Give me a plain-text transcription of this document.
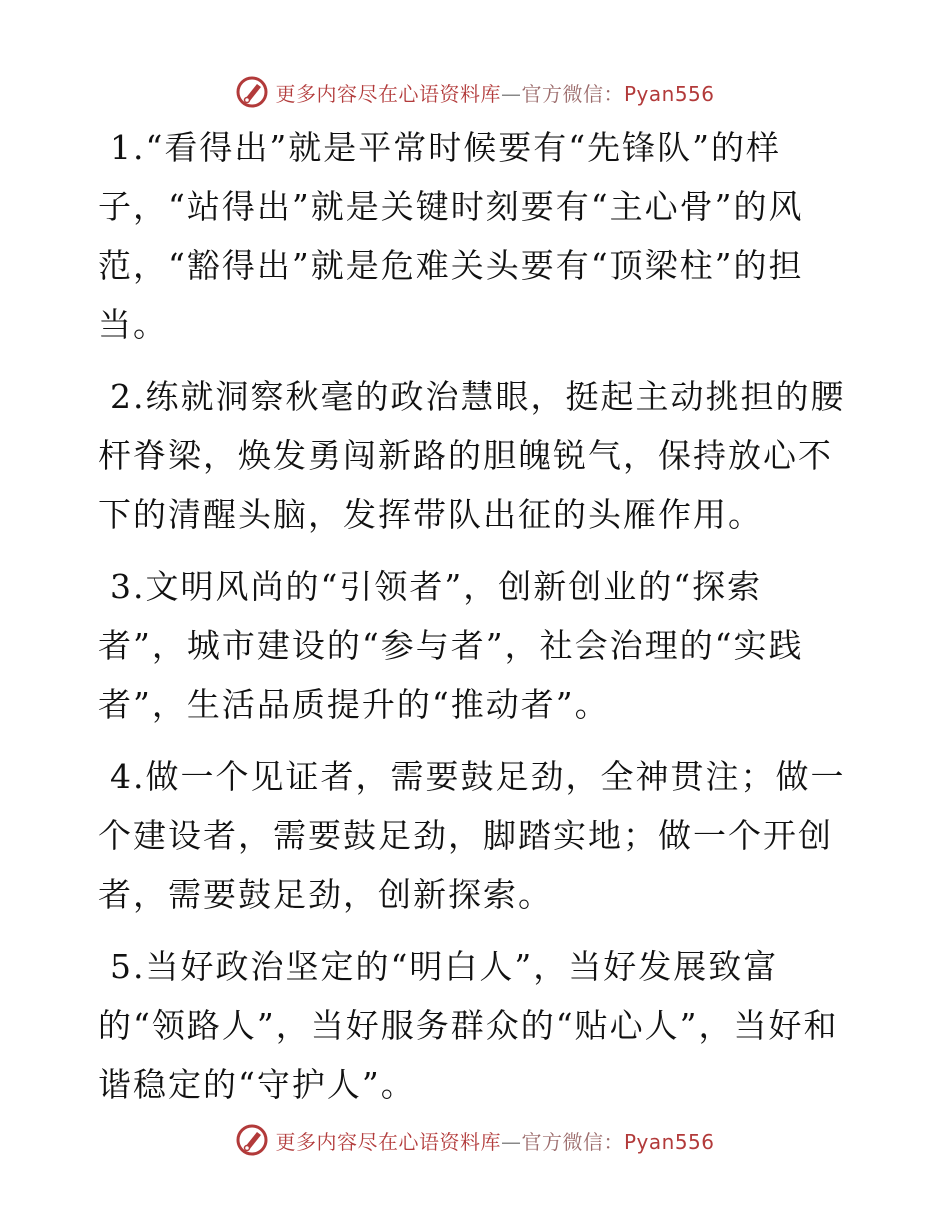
更多内容尽在心语资料库—官方微信：Pyan556

1.“看得出”就是平常时候要有“先锋队”的样子，“站得出”就是关键时刻要有“主心骨”的风范，“豁得出”就是危难关头要有“顶梁柱”的担当。

2.练就洞察秋毫的政治慧眼，挺起主动挑担的腰杆脊梁，焕发勇闯新路的胆魄锐气，保持放心不下的清醒头脑，发挥带队出征的头雁作用。

3.文明风尚的“引领者”，创新创业的“探索者”，城市建设的“参与者”，社会治理的“实践者”，生活品质提升的“推动者”。

4.做一个见证者，需要鼓足劲，全神贯注；做一个建设者，需要鼓足劲，脚踏实地；做一个开创者，需要鼓足劲，创新探索。

5.当好政治坚定的“明白人”，当好发展致富的“领路人”，当好服务群众的“贴心人”，当好和谐稳定的“守护人”。

更多内容尽在心语资料库—官方微信：Pyan556
